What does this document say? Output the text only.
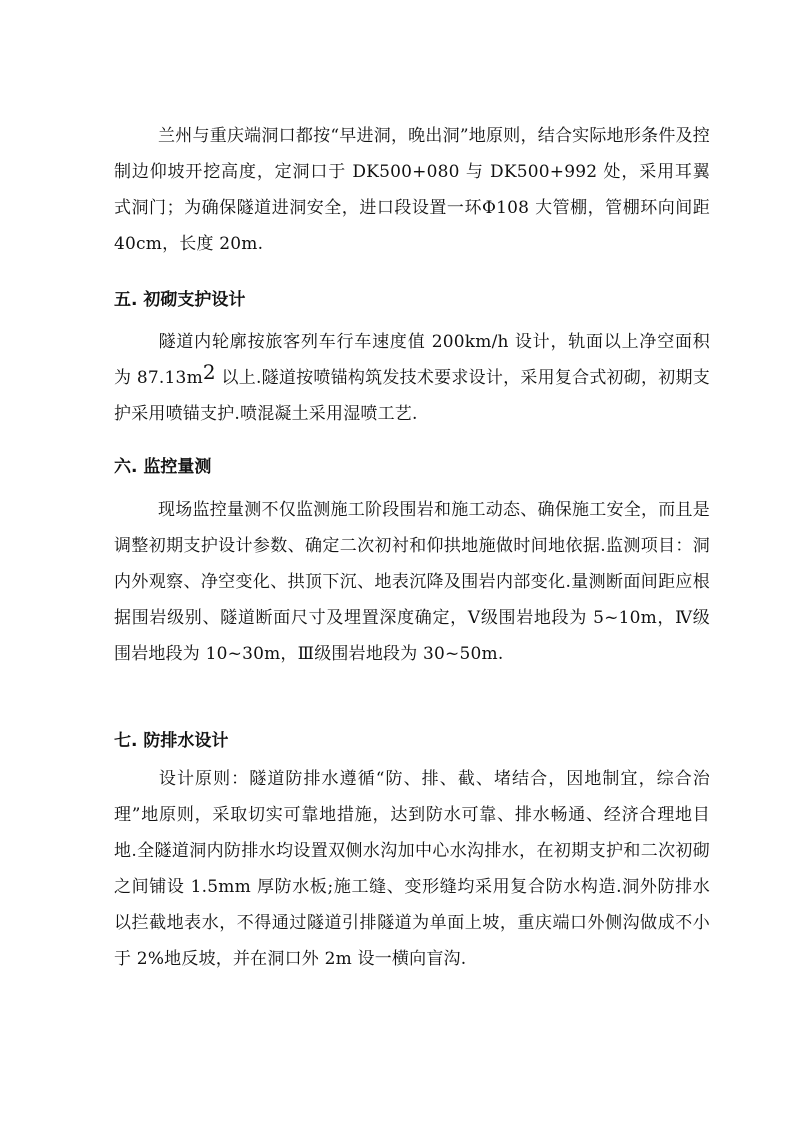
兰州与重庆端洞口都按“早进洞，晚出洞”地原则，结合实际地形条件及控制边仰坡开挖高度，定洞口于 DK500+080 与 DK500+992 处，采用耳翼式洞门；为确保隧道进洞安全，进口段设置一环Φ108 大管棚，管棚环向间距 40cm，长度 20m.

五. 初砌支护设计

隧道内轮廓按旅客列车行车速度值 200km/h 设计，轨面以上净空面积为 $87.13m^2$ 以上.隧道按喷锚构筑发技术要求设计，采用复合式初砌，初期支护采用喷锚支护.喷混凝土采用湿喷工艺.

六. 监控量测

现场监控量测不仅监测施工阶段围岩和施工动态、确保施工安全，而且是调整初期支护设计参数、确定二次初衬和仰拱地施做时间地依据.监测项目：洞内外观察、净空变化、拱顶下沉、地表沉降及围岩内部变化.量测断面间距应根据围岩级别、隧道断面尺寸及埋置深度确定，Ⅴ级围岩地段为 5~10m，Ⅳ级围岩地段为 10~30m，Ⅲ级围岩地段为 30~50m.

七. 防排水设计

设计原则：隧道防排水遵循“防、排、截、堵结合，因地制宜，综合治理”地原则，采取切实可靠地措施，达到防水可靠、排水畅通、经济合理地目地.全隧道洞内防排水均设置双侧水沟加中心水沟排水，在初期支护和二次初砌之间铺设 1.5mm 厚防水板;施工缝、变形缝均采用复合防水构造.洞外防排水以拦截地表水，不得通过隧道引排隧道为单面上坡，重庆端口外侧沟做成不小于 2%地反坡，并在洞口外 2m 设一横向盲沟.
